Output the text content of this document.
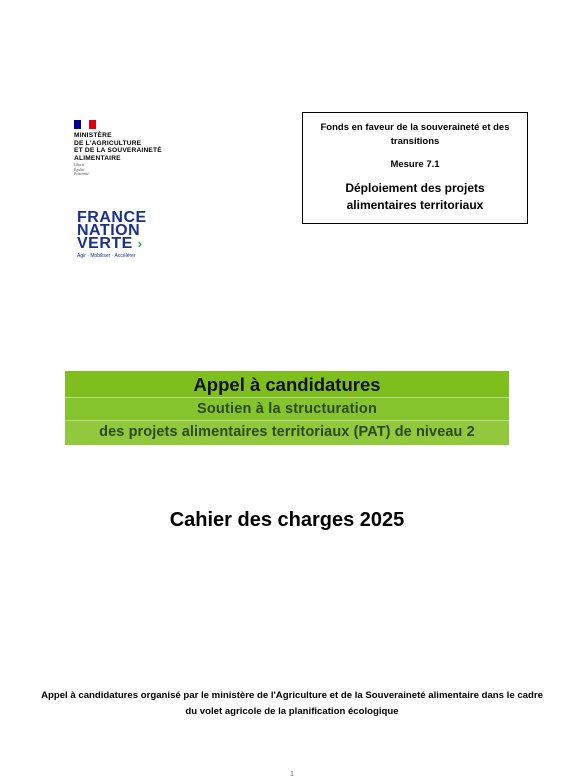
MINISTÈRE
DE L'AGRICULTURE
ET DE LA SOUVERAINETÉ
ALIMENTAIRE
Liberté
Égalité
Fraternité
FRANCE
NATION
VERTE ›
Agir · Mobiliser · Accélérer
Fonds en faveur de la souveraineté et des transitions
Mesure 7.1
Déploiement des projets alimentaires territoriaux
Appel à candidatures
Soutien à la structuration
des projets alimentaires territoriaux (PAT) de niveau 2
Cahier des charges 2025
Appel à candidatures organisé par le ministère de l'Agriculture et de la Souveraineté alimentaire dans le cadre du volet agricole de la planification écologique
1
